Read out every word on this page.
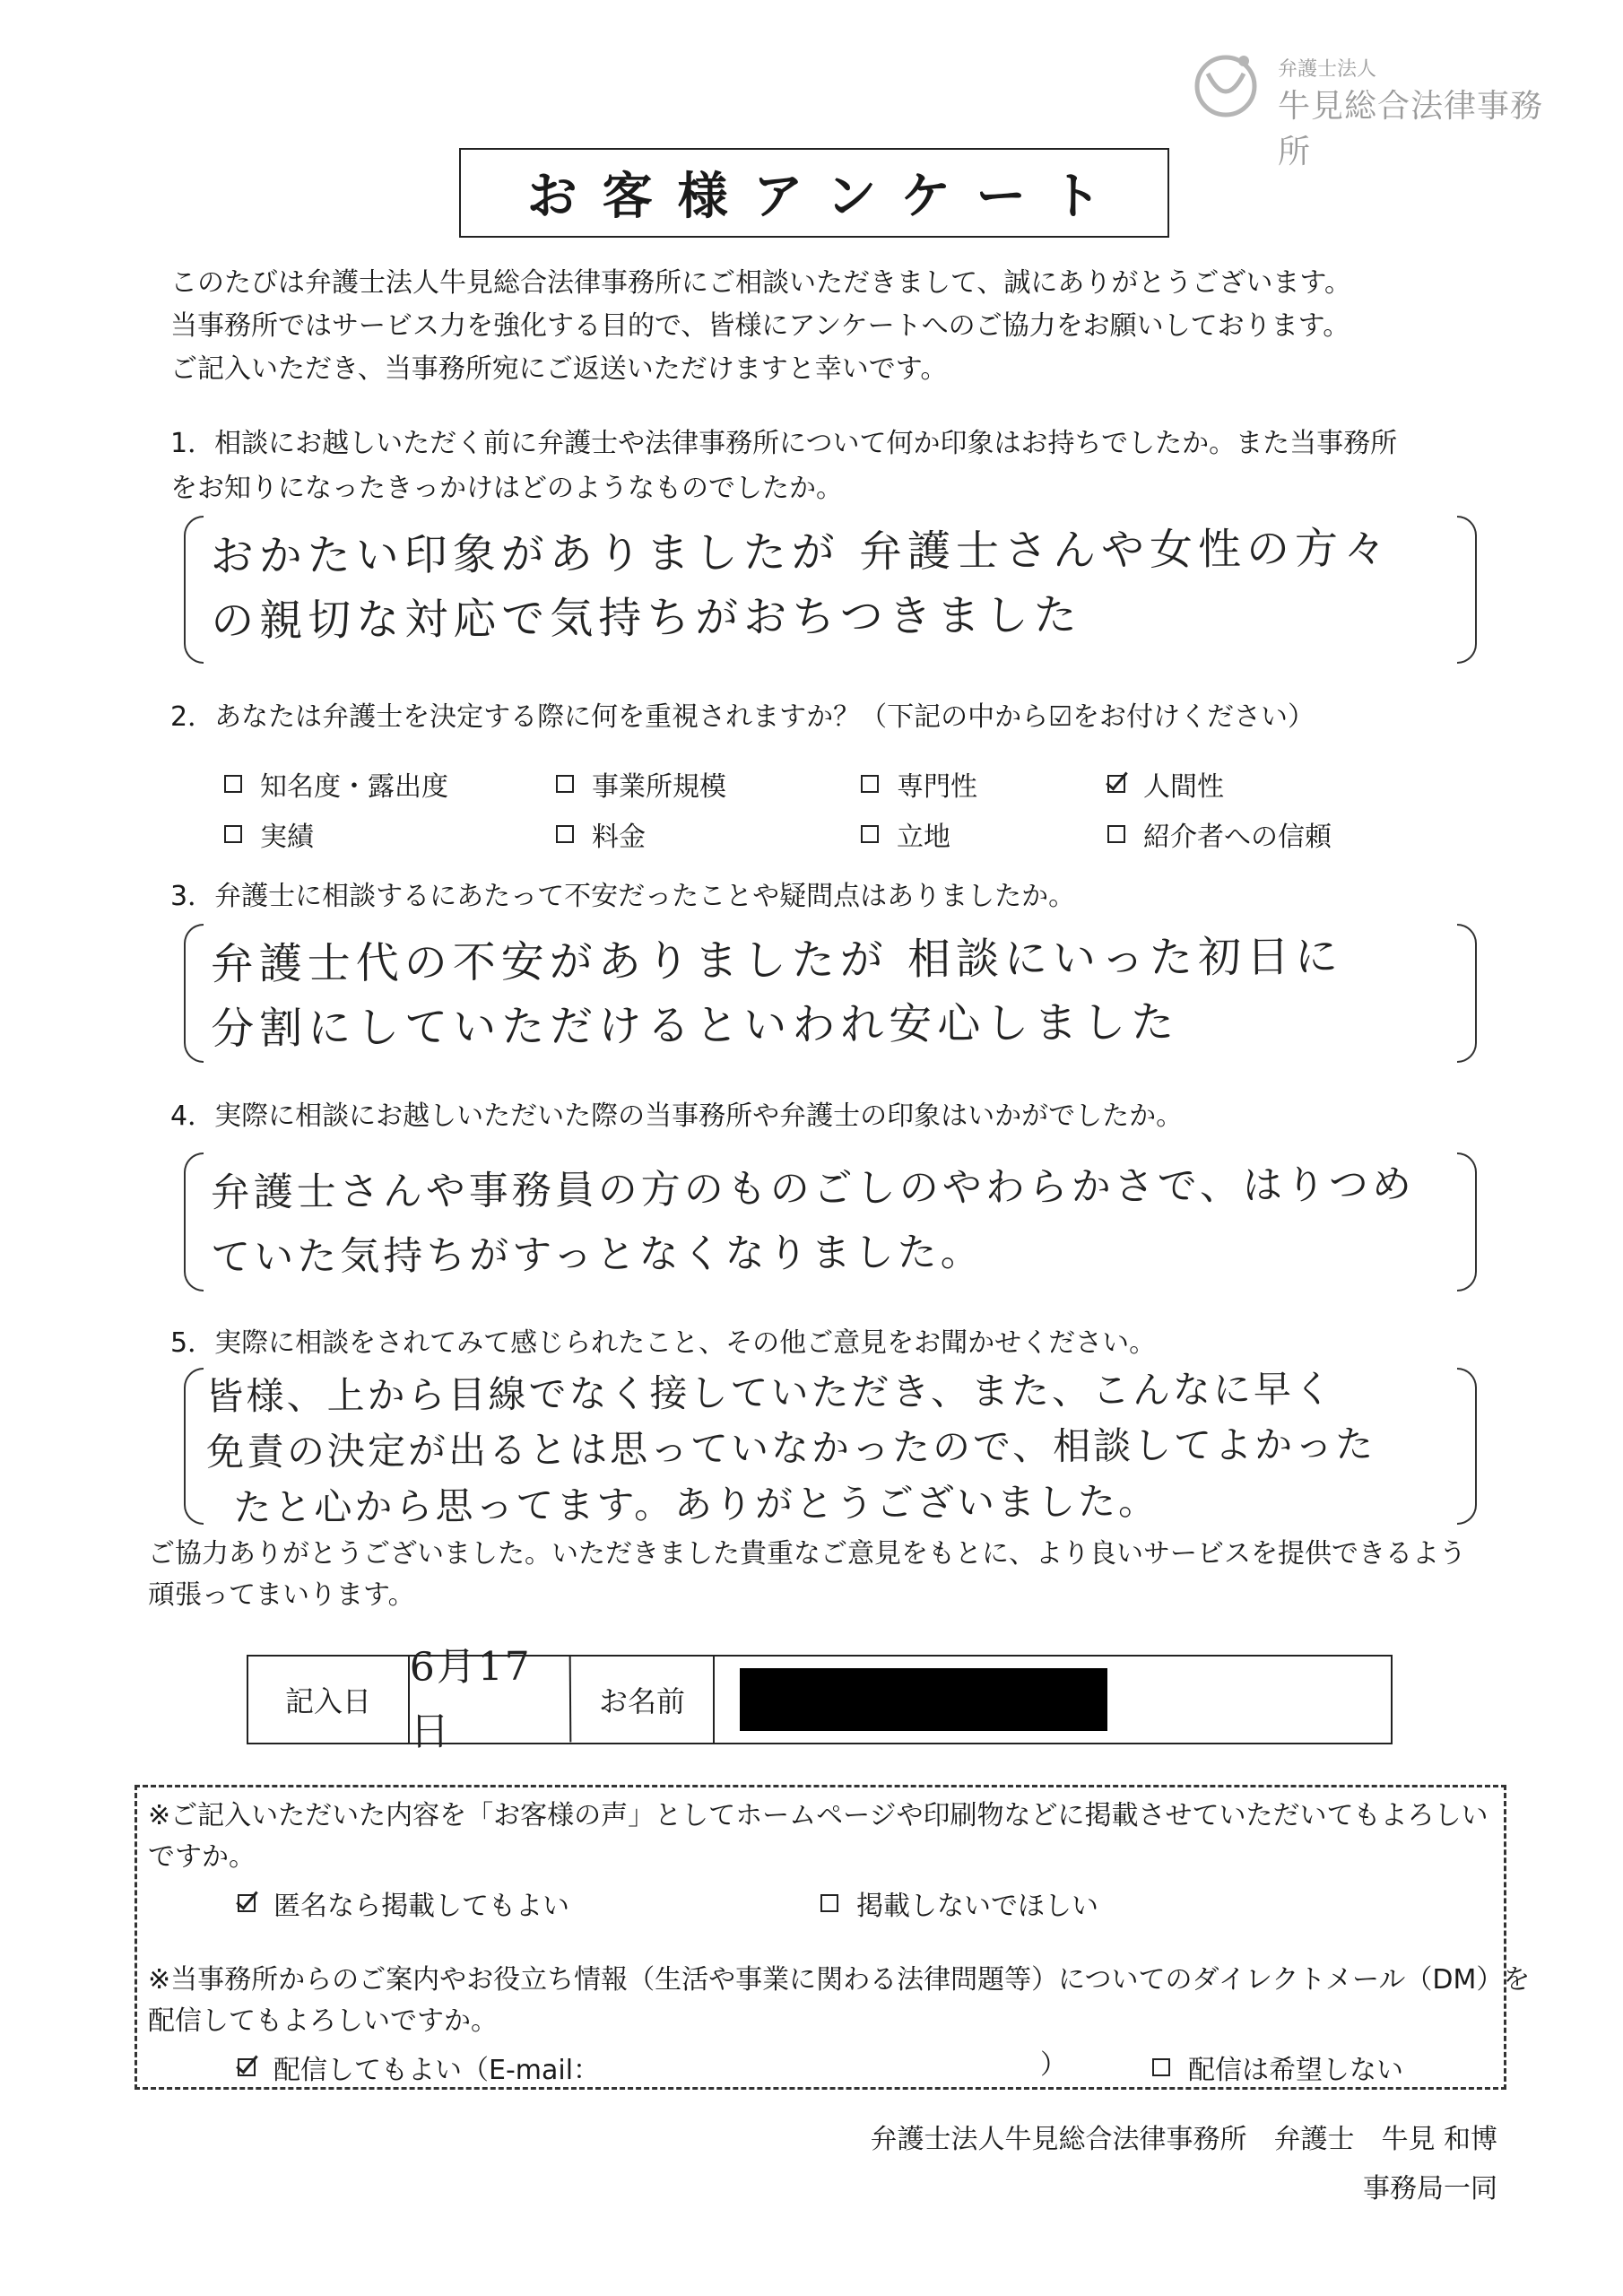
弁護士法人
牛見総合法律事務所
お客様アンケート
このたびは弁護士法人牛見総合法律事務所にご相談いただきまして、誠にありがとうございます。
当事務所ではサービス力を強化する目的で、皆様にアンケートへのご協力をお願いしております。
ご記入いただき、当事務所宛にご返送いただけますと幸いです。
1．相談にお越しいただく前に弁護士や法律事務所について何か印象はお持ちでしたか。また当事務所
をお知りになったきっかけはどのようなものでしたか。
おかたい印象がありましたが 弁護士さんや女性の方々
の親切な対応で気持ちがおちつきました
2．あなたは弁護士を決定する際に何を重視されますか？（下記の中から☑をお付けください）
知名度・露出度	事業所規模	専門性	人間性
実績	料金	立地	紹介者への信頼
3．弁護士に相談するにあたって不安だったことや疑問点はありましたか。
弁護士代の不安がありましたが 相談にいった初日に
分割にしていただけるといわれ安心しました
4．実際に相談にお越しいただいた際の当事務所や弁護士の印象はいかがでしたか。
弁護士さんや事務員の方のものごしのやわらかさで、はりつめ
ていた気持ちがすっとなくなりました。
5．実際に相談をされてみて感じられたこと、その他ご意見をお聞かせください。
皆様、上から目線でなく接していただき、また、こんなに早く
免責の決定が出るとは思っていなかったので、相談してよかった
たと心から思ってます。ありがとうございました。
ご協力ありがとうございました。いただきました貴重なご意見をもとに、より良いサービスを提供できるよう
頑張ってまいります。
記入日
6月17日
お名前
※ご記入いただいた内容を「お客様の声」としてホームページや印刷物などに掲載させていただいてもよろしい
ですか。
匿名なら掲載してもよい	掲載しないでほしい
※当事務所からのご案内やお役立ち情報（生活や事業に関わる法律問題等）についてのダイレクトメール（DM）を
配信してもよろしいですか。
配信してもよい（E-mail：	）	配信は希望しない
弁護士法人牛見総合法律事務所　弁護士　牛見 和博
事務局一同
